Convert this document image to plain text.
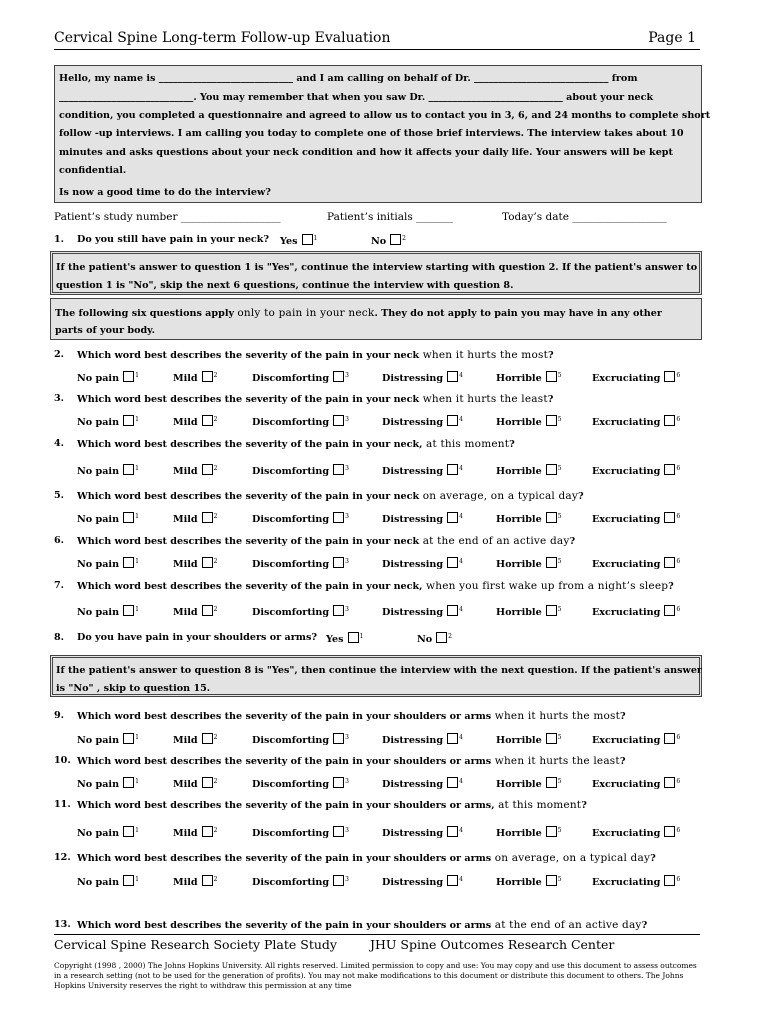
Cervical Spine Long-term Follow-up Evaluation	Page 1

Hello, my name is ____________________________ and I am calling on behalf of Dr. ____________________________ from

____________________________. You may remember that when you saw Dr. ____________________________ about your neck

condition, you completed a questionnaire and agreed to allow us to contact you in 3, 6, and 24 months to complete short

follow -up interviews. I am calling you today to complete one of those brief interviews. The interview takes about 10

minutes and asks questions about your neck condition and how it affects your daily life. Your answers will be kept

confidential.

Is now a good time to do the interview?

Patient’s study number ___________________	Patient’s initials _______	Today’s date __________________
1. Do you still have pain in your neck? Yes	$^1$	No	$^2$
If the patient's answer to question 1 is "Yes", continue the interview starting with question 2. If the patient's answer to
question 1 is "No", skip the next 6 questions, continue the interview with question 8.
The following six questions apply only to pain in your neck. They do not apply to pain you may have in any other
parts of your body.
2. Which word best describes the severity of the pain in your neck when it hurts the most?
No pain	$^1$	Mild	$^2$	Discomforting	$^3$	Distressing	$^4$	Horrible	$^5$	Excruciating	$^6$
3. Which word best describes the severity of the pain in your neck when it hurts the least?
No pain	$^1$	Mild	$^2$	Discomforting	$^3$	Distressing	$^4$	Horrible	$^5$	Excruciating	$^6$
4. Which word best describes the severity of the pain in your neck, at this moment?
No pain	$^1$	Mild	$^2$	Discomforting	$^3$	Distressing	$^4$	Horrible	$^5$	Excruciating	$^6$
5. Which word best describes the severity of the pain in your neck on average, on a typical day?
No pain	$^1$	Mild	$^2$	Discomforting	$^3$	Distressing	$^4$	Horrible	$^5$	Excruciating	$^6$
6. Which word best describes the severity of the pain in your neck at the end of an active day?
No pain	$^1$	Mild	$^2$	Discomforting	$^3$	Distressing	$^4$	Horrible	$^5$	Excruciating	$^6$
7. Which word best describes the severity of the pain in your neck, when you first wake up from a night’s sleep?
No pain	$^1$	Mild	$^2$	Discomforting	$^3$	Distressing	$^4$	Horrible	$^5$	Excruciating	$^6$
8. Do you have pain in your shoulders or arms? Yes	$^1$	No	$^2$
If the patient's answer to question 8 is "Yes", then continue the interview with the next question. If the patient's answer
is "No" , skip to question 15.
9. Which word best describes the severity of the pain in your shoulders or arms when it hurts the most?
No pain	$^1$	Mild	$^2$	Discomforting	$^3$	Distressing	$^4$	Horrible	$^5$	Excruciating	$^6$
10. Which word best describes the severity of the pain in your shoulders or arms when it hurts the least?
No pain	$^1$	Mild	$^2$	Discomforting	$^3$	Distressing	$^4$	Horrible	$^5$	Excruciating	$^6$
11. Which word best describes the severity of the pain in your shoulders or arms, at this moment?
No pain	$^1$	Mild	$^2$	Discomforting	$^3$	Distressing	$^4$	Horrible	$^5$	Excruciating	$^6$
12. Which word best describes the severity of the pain in your shoulders or arms on average, on a typical day?
No pain	$^1$	Mild	$^2$	Discomforting	$^3$	Distressing	$^4$	Horrible	$^5$	Excruciating	$^6$
13. Which word best describes the severity of the pain in your shoulders or arms at the end of an active day?
Cervical Spine Research Society Plate Study	JHU Spine Outcomes Research Center
Copyright (1998 , 2000) The Johns Hopkins University. All rights reserved. Limited permission to copy and use: You may copy and use this document to assess outcomes in a research setting (not to be used for the generation of profits). You may not make modifications to this document or distribute this document to others. The Johns Hopkins University reserves the right to withdraw this permission at any time
